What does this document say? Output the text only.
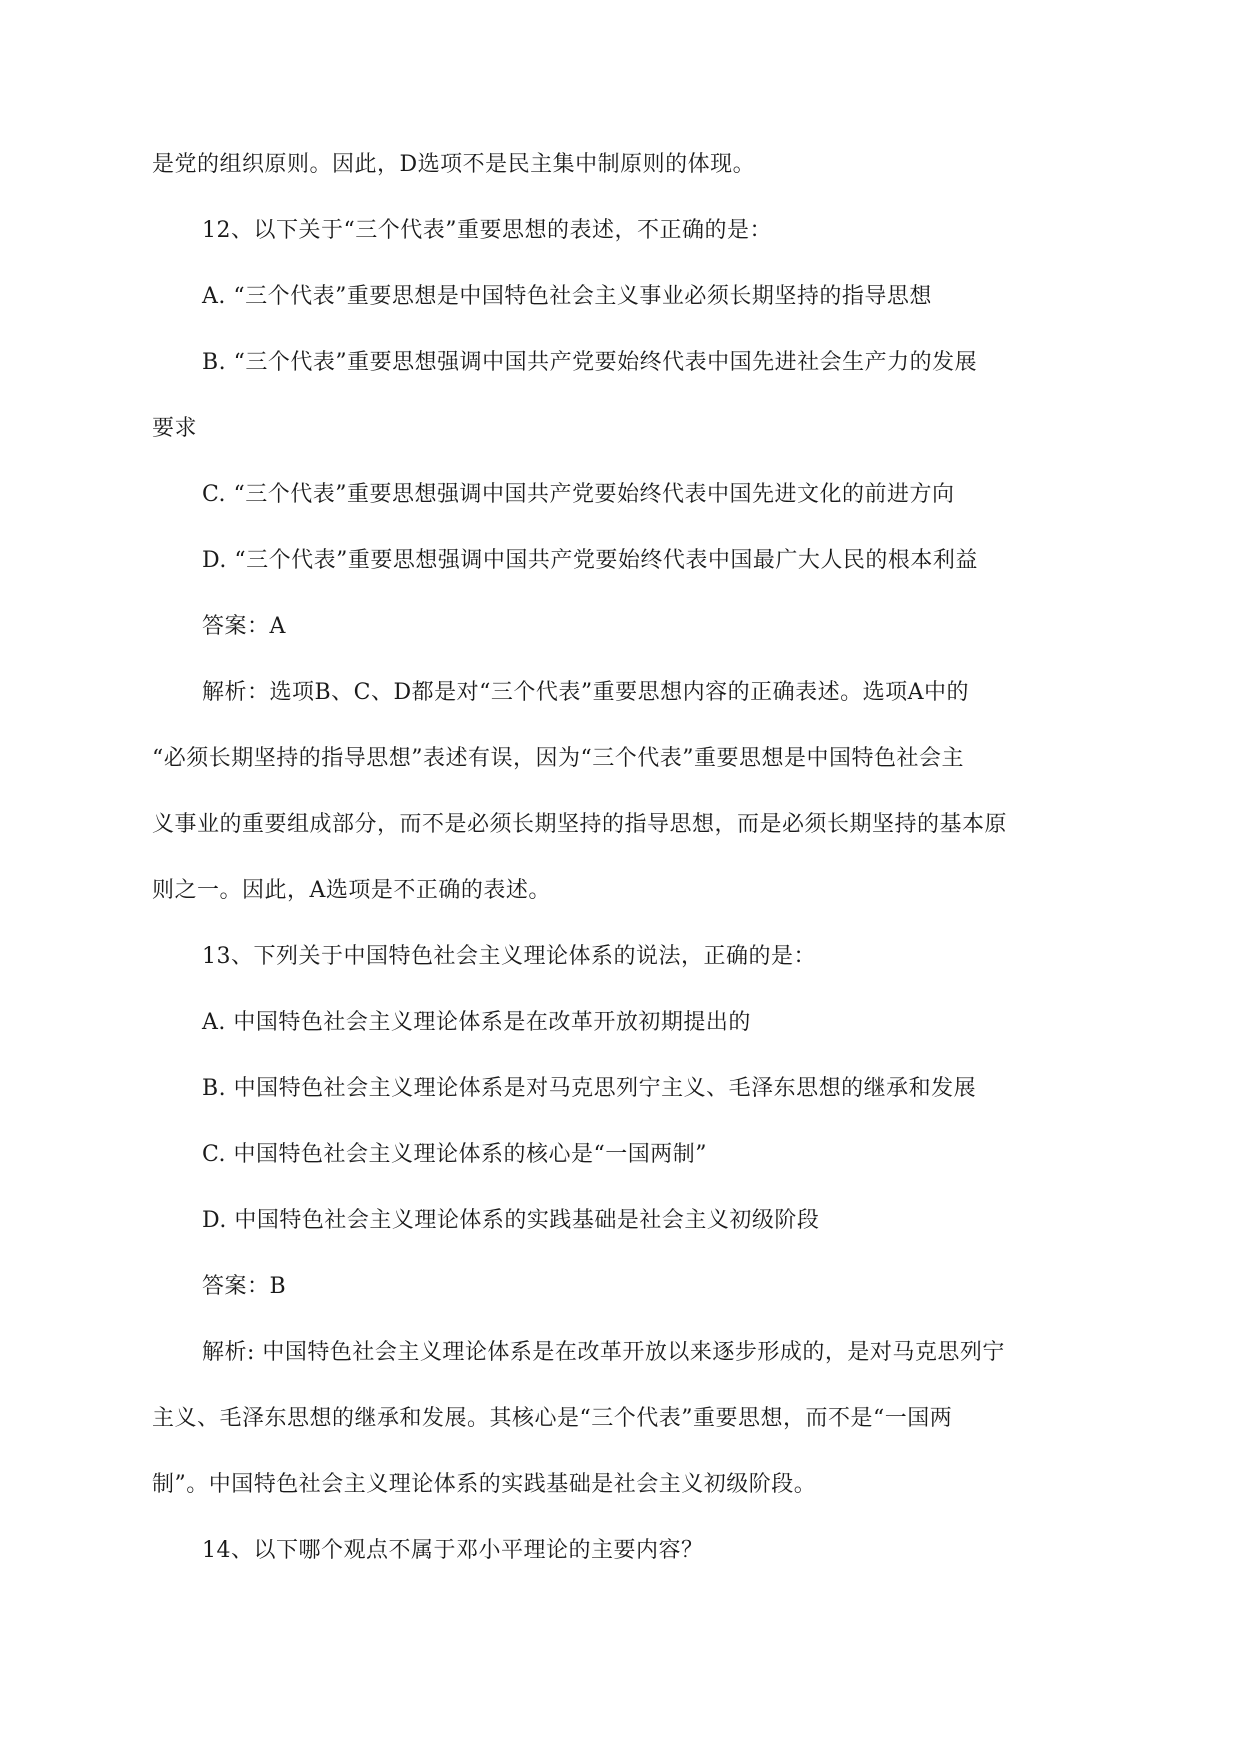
是党的组织原则。因此，D选项不是民主集中制原则的体现。
12、以下关于“三个代表”重要思想的表述，不正确的是：
A. “三个代表”重要思想是中国特色社会主义事业必须长期坚持的指导思想
B. “三个代表”重要思想强调中国共产党要始终代表中国先进社会生产力的发展
要求
C. “三个代表”重要思想强调中国共产党要始终代表中国先进文化的前进方向
D. “三个代表”重要思想强调中国共产党要始终代表中国最广大人民的根本利益
答案：A
解析：选项B、C、D都是对“三个代表”重要思想内容的正确表述。选项A中的
“必须长期坚持的指导思想”表述有误，因为“三个代表”重要思想是中国特色社会主
义事业的重要组成部分，而不是必须长期坚持的指导思想，而是必须长期坚持的基本原
则之一。因此，A选项是不正确的表述。
13、下列关于中国特色社会主义理论体系的说法，正确的是：
A. 中国特色社会主义理论体系是在改革开放初期提出的
B. 中国特色社会主义理论体系是对马克思列宁主义、毛泽东思想的继承和发展
C. 中国特色社会主义理论体系的核心是“一国两制”
D. 中国特色社会主义理论体系的实践基础是社会主义初级阶段
答案：B
解析: 中国特色社会主义理论体系是在改革开放以来逐步形成的，是对马克思列宁
主义、毛泽东思想的继承和发展。其核心是“三个代表”重要思想，而不是“一国两
制”。中国特色社会主义理论体系的实践基础是社会主义初级阶段。
14、以下哪个观点不属于邓小平理论的主要内容？
